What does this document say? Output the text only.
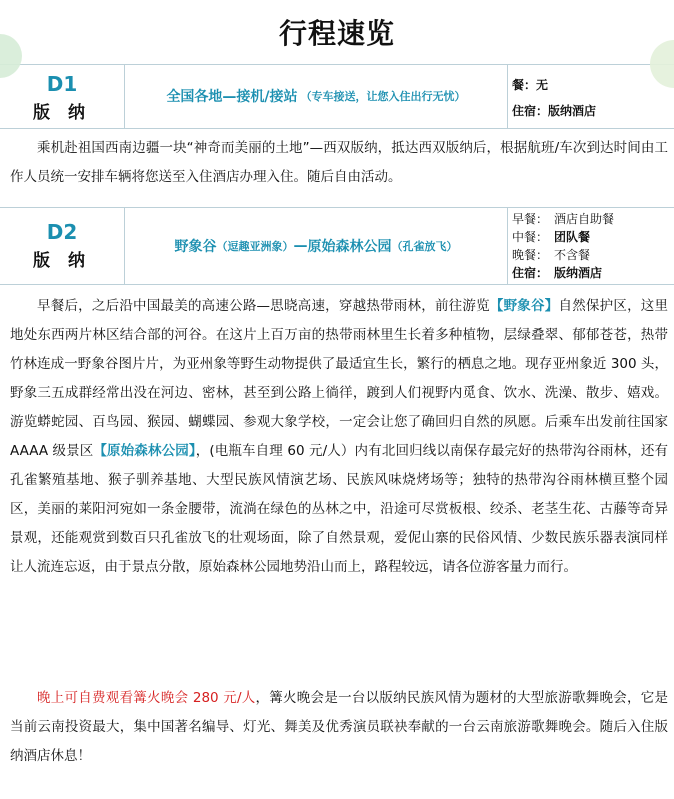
行程速览
D1
版 纳
全国各地—接机/接站 （专车接送，让您入住出行无忧）
餐：无
住宿：版纳酒店
乘机赴祖国西南边疆一块“神奇而美丽的土地”—西双版纳，抵达西双版纳后，根据航班/车次到达时间由工作人员统一安排车辆将您送至入住酒店办理入住。随后自由活动。
D2
版 纳
野象谷 （逗趣亚洲象） — 原始森林公园 （孔雀放飞）
早餐： 酒店自助餐
中餐： 团队餐
晚餐： 不含餐
住宿： 版纳酒店
早餐后，之后沿中国最美的高速公路—思晓高速，穿越热带雨林，前往游览【野象谷】自然保护区，这里地处东西两片林区结合部的河谷。在这片上百万亩的热带雨林里生长着多种植物，层绿叠翠、郁郁苍苍，热带竹林连成一野象谷图片片，为亚州象等野生动物提供了最适宜生长，繁行的栖息之地。现存亚州象近 300 头，野象三五成群经常出没在河边、密林，甚至到公路上徜徉，踱到人们视野内觅食、饮水、洗澡、散步、嬉戏。游览蟒蛇园、百鸟园、猴园、蝴蝶园、参观大象学校，一定会让您了确回归自然的夙愿。后乘车出发前往国家 AAAA 级景区【原始森林公园】，(电瓶车自理 60 元/人）内有北回归线以南保存最完好的热带沟谷雨林，还有孔雀繁殖基地、猴子驯养基地、大型民族风情演艺场、民族风味烧烤场等；独特的热带沟谷雨林横亘整个园区，美丽的莱阳河宛如一条金腰带，流淌在绿色的丛林之中，沿途可尽赏板根、绞杀、老茎生花、古藤等奇异景观，还能观赏到数百只孔雀放飞的壮观场面，除了自然景观，爱伲山寨的民俗风情、少数民族乐器表演同样让人流连忘返，由于景点分散，原始森林公园地势沿山而上，路程较远，请各位游客量力而行。
晚上可自费观看篝火晚会 280 元/人，篝火晚会是一台以版纳民族风情为题材的大型旅游歌舞晚会，它是当前云南投资最大，集中国著名编导、灯光、舞美及优秀演员联袂奉献的一台云南旅游歌舞晚会。随后入住版纳酒店休息！
